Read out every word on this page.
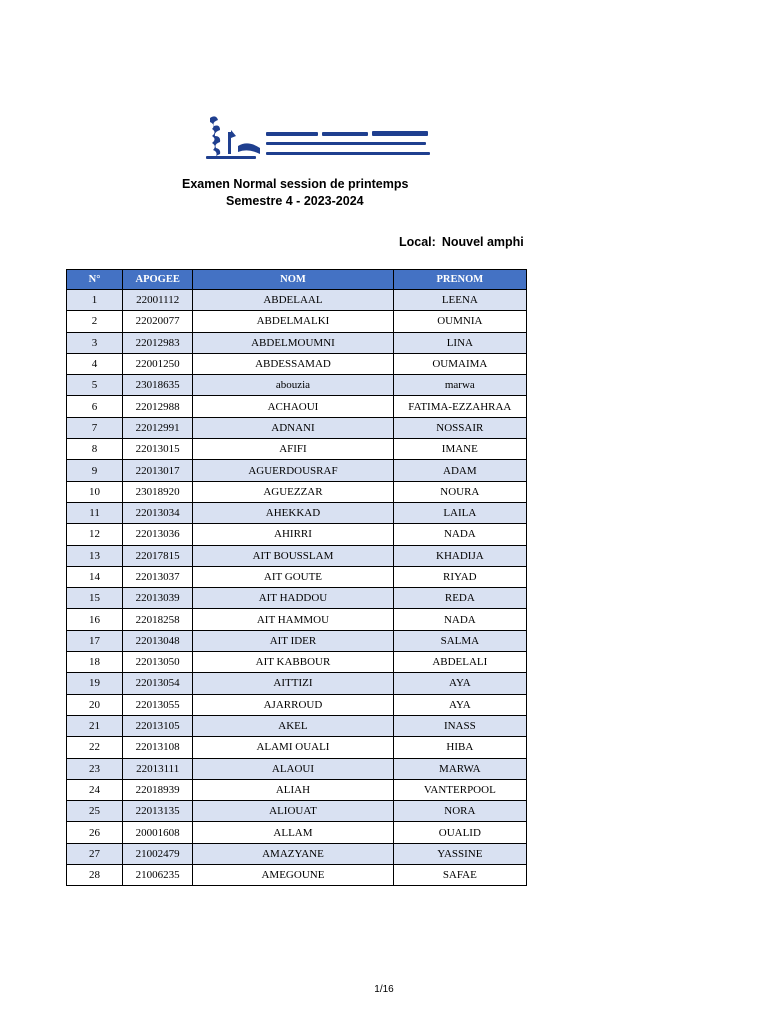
Examen Normal session de printemps
Semestre 4 - 2023-2024
Local: Nouvel amphi
N°	APOGEE	NOM	PRENOM
1	22001112	ABDELAAL	LEENA
2	22020077	ABDELMALKI	OUMNIA
3	22012983	ABDELMOUMNI	LINA
4	22001250	ABDESSAMAD	OUMAIMA
5	23018635	abouzia	marwa
6	22012988	ACHAOUI	FATIMA-EZZAHRAA
7	22012991	ADNANI	NOSSAIR
8	22013015	AFIFI	IMANE
9	22013017	AGUERDOUSRAF	ADAM
10	23018920	AGUEZZAR	NOURA
11	22013034	AHEKKAD	LAILA
12	22013036	AHIRRI	NADA
13	22017815	AIT BOUSSLAM	KHADIJA
14	22013037	AIT GOUTE	RIYAD
15	22013039	AIT HADDOU	REDA
16	22018258	AIT HAMMOU	NADA
17	22013048	AIT IDER	SALMA
18	22013050	AIT KABBOUR	ABDELALI
19	22013054	AITTIZI	AYA
20	22013055	AJARROUD	AYA
21	22013105	AKEL	INASS
22	22013108	ALAMI OUALI	HIBA
23	22013111	ALAOUI	MARWA
24	22018939	ALIAH	VANTERPOOL
25	22013135	ALIOUAT	NORA
26	20001608	ALLAM	OUALID
27	21002479	AMAZYANE	YASSINE
28	21006235	AMEGOUNE	SAFAE
1/16
